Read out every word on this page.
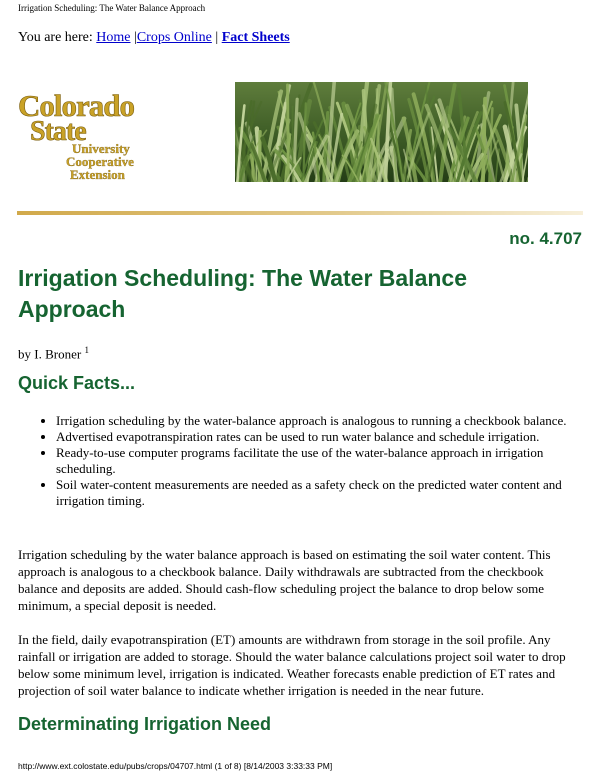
Irrigation Scheduling: The Water Balance Approach
You are here: Home |Crops Online | Fact Sheets
Colorado
State
University
Cooperative
Extension
no. 4.707
Irrigation Scheduling: The Water Balance Approach
by I. Broner $^1$
Quick Facts...
• Irrigation scheduling by the water-balance approach is analogous to running a checkbook balance.
• Advertised evapotranspiration rates can be used to run water balance and schedule irrigation.
• Ready-to-use computer programs facilitate the use of the water-balance approach in irrigation scheduling.
• Soil water-content measurements are needed as a safety check on the predicted water content and irrigation timing.

Irrigation scheduling by the water balance approach is based on estimating the soil water content. This approach is analogous to a checkbook balance. Daily withdrawals are subtracted from the checkbook balance and deposits are added. Should cash-flow scheduling project the balance to drop below some minimum, a special deposit is needed.

In the field, daily evapotranspiration (ET) amounts are withdrawn from storage in the soil profile. Any rainfall or irrigation are added to storage. Should the water balance calculations project soil water to drop below some minimum level, irrigation is indicated. Weather forecasts enable prediction of ET rates and projection of soil water balance to indicate whether irrigation is needed in the near future.

Determinating Irrigation Need
http://www.ext.colostate.edu/pubs/crops/04707.html (1 of 8) [8/14/2003 3:33:33 PM]
